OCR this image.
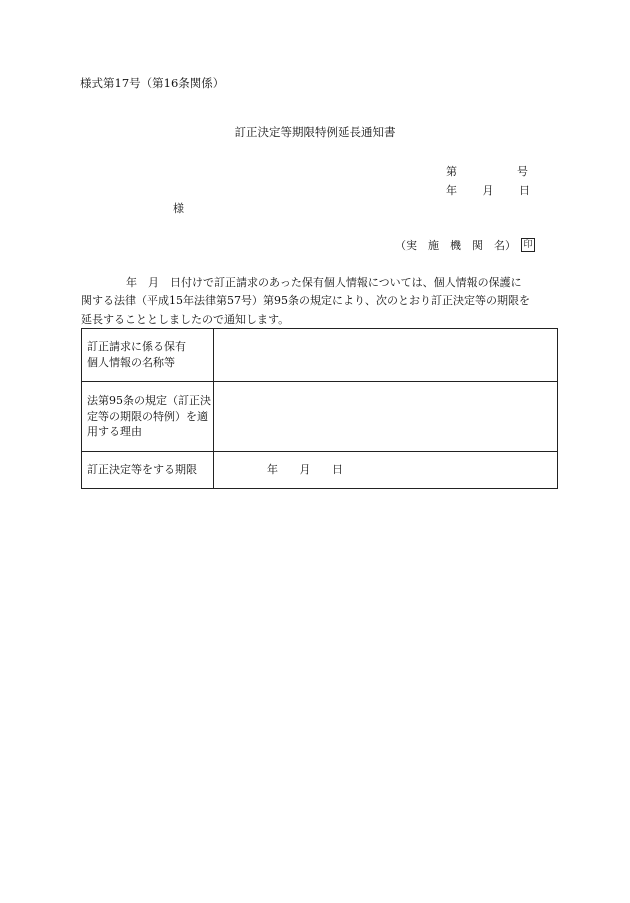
様式第17号（第16条関係）
訂正決定等期限特例延長通知書
第	号
年 月 日
様
（実　施　機　関　名） 印
年　月　日付けで訂正請求のあった保有個人情報については、個人情報の保護に
関する法律（平成15年法律第57号）第95条の規定により、次のとおり訂正決定等の期限を
延長することとしましたので通知します。
訂正請求に係る保有
個人情報の名称等	

法第95条の規定（訂正決
定等の期限の特例）を適
用する理由	

訂正決定等をする期限	年 月 日
